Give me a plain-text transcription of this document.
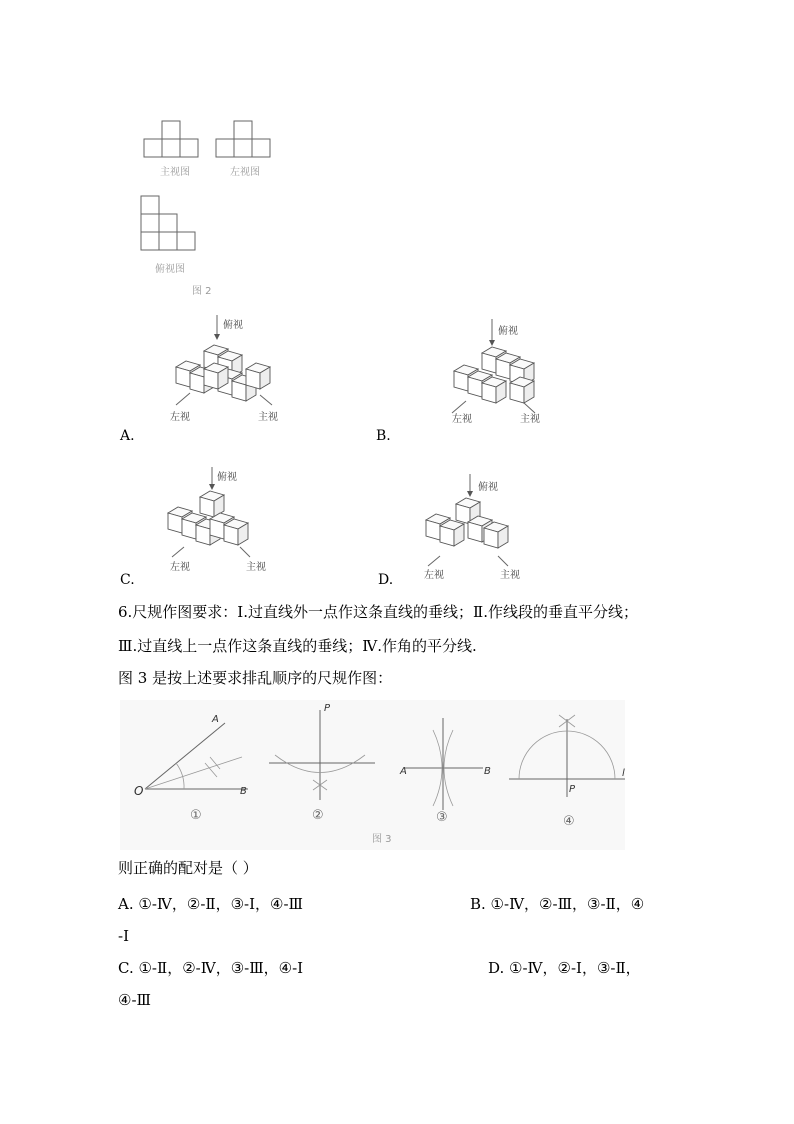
主视图	左视图
俯视图
图 2
俯视
左视	主视
A.
俯视
左视	主视
B.
俯视
左视	主视
C.
俯视
左视	主视
D.
6.尺规作图要求：Ⅰ.过直线外一点作这条直线的垂线；Ⅱ.作线段的垂直平分线；
Ⅲ.过直线上一点作这条直线的垂线；Ⅳ.作角的平分线.
图 3 是按上述要求排乱顺序的尺规作图：
A
O	B
①
P
②
A	B
③
P
l
④
图 3
则正确的配对是（ ）
A. ①-Ⅳ，②-Ⅱ，③-Ⅰ，④-Ⅲ	B. ①-Ⅳ，②-Ⅲ，③-Ⅱ，④
-Ⅰ
C. ①-Ⅱ，②-Ⅳ，③-Ⅲ，④-Ⅰ	D. ①-Ⅳ，②-Ⅰ，③-Ⅱ，
④-Ⅲ
